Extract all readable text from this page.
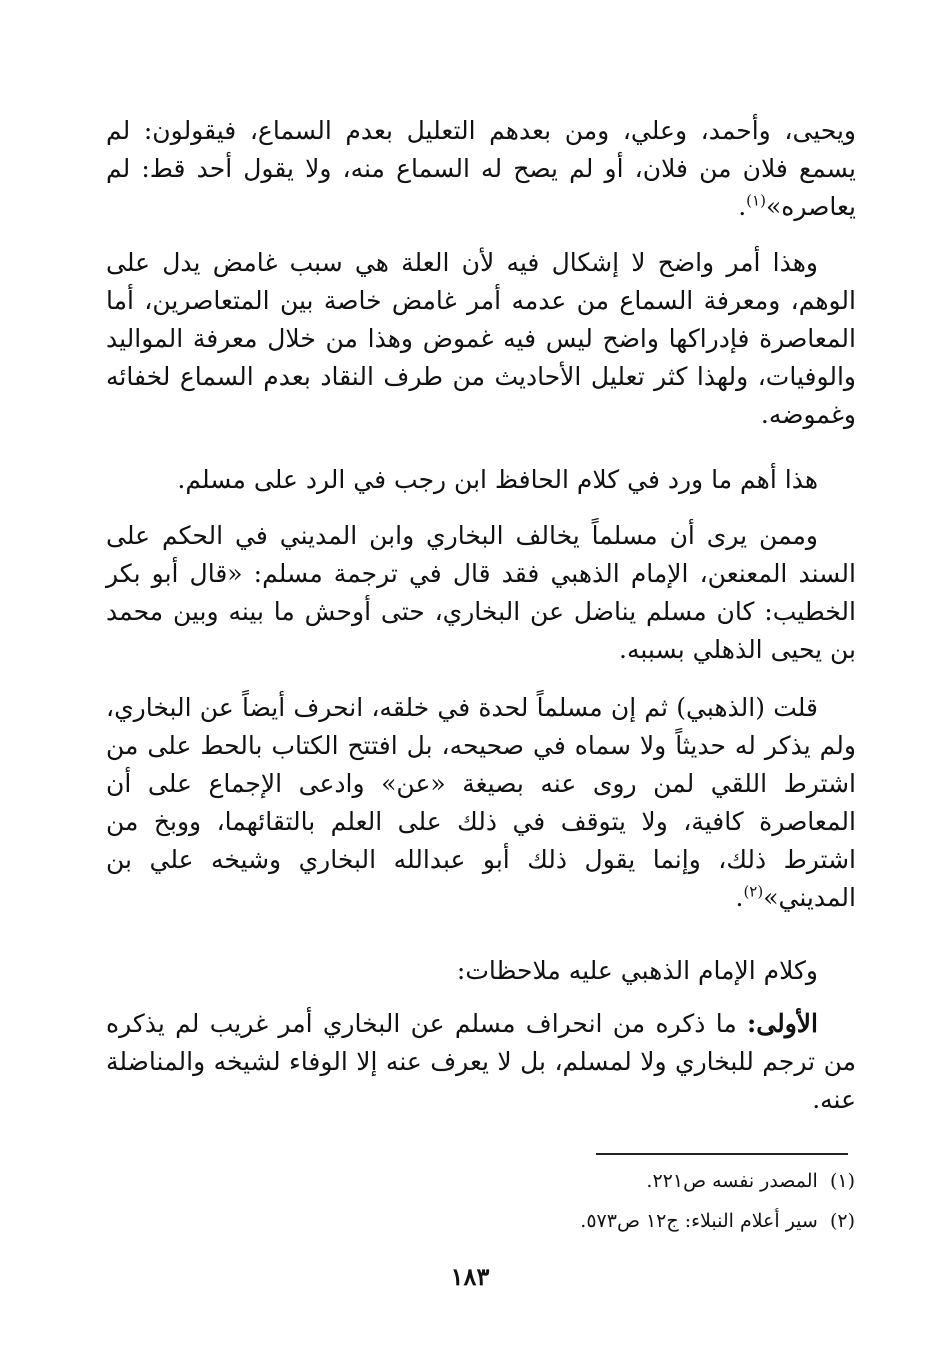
ويحيى، وأحمد، وعلي، ومن بعدهم التعليل بعدم السماع، فيقولون: لم يسمع فلان من فلان، أو لم يصح له السماع منه، ولا يقول أحد قط: لم يعاصره»$^{(١)}$.

وهذا أمر واضح لا إشكال فيه لأن العلة هي سبب غامض يدل على الوهم، ومعرفة السماع من عدمه أمر غامض خاصة بين المتعاصرين، أما المعاصرة فإدراكها واضح ليس فيه غموض وهذا من خلال معرفة المواليد والوفيات، ولهذا كثر تعليل الأحاديث من طرف النقاد بعدم السماع لخفائه وغموضه.

هذا أهم ما ورد في كلام الحافظ ابن رجب في الرد على مسلم.

وممن يرى أن مسلماً يخالف البخاري وابن المديني في الحكم على السند المعنعن، الإمام الذهبي فقد قال في ترجمة مسلم: «قال أبو بكر الخطيب: كان مسلم يناضل عن البخاري، حتى أوحش ما بينه وبين محمد بن يحيى الذهلي بسببه.

قلت (الذهبي) ثم إن مسلماً لحدة في خلقه، انحرف أيضاً عن البخاري، ولم يذكر له حديثاً ولا سماه في صحيحه، بل افتتح الكتاب بالحط على من اشترط اللقي لمن روى عنه بصيغة «عن» وادعى الإجماع على أن المعاصرة كافية، ولا يتوقف في ذلك على العلم بالتقائهما، ووبخ من اشترط ذلك، وإنما يقول ذلك أبو عبدالله البخاري وشيخه علي بن المديني»$^{(٢)}$.

وكلام الإمام الذهبي عليه ملاحظات:

الأولى: ما ذكره من انحراف مسلم عن البخاري أمر غريب لم يذكره من ترجم للبخاري ولا لمسلم، بل لا يعرف عنه إلا الوفاء لشيخه والمناضلة عنه.

(١)  المصدر نفسه ص٢٢١.

(٢)  سير أعلام النبلاء: ج١٢ ص٥٧٣.

١٨٣
